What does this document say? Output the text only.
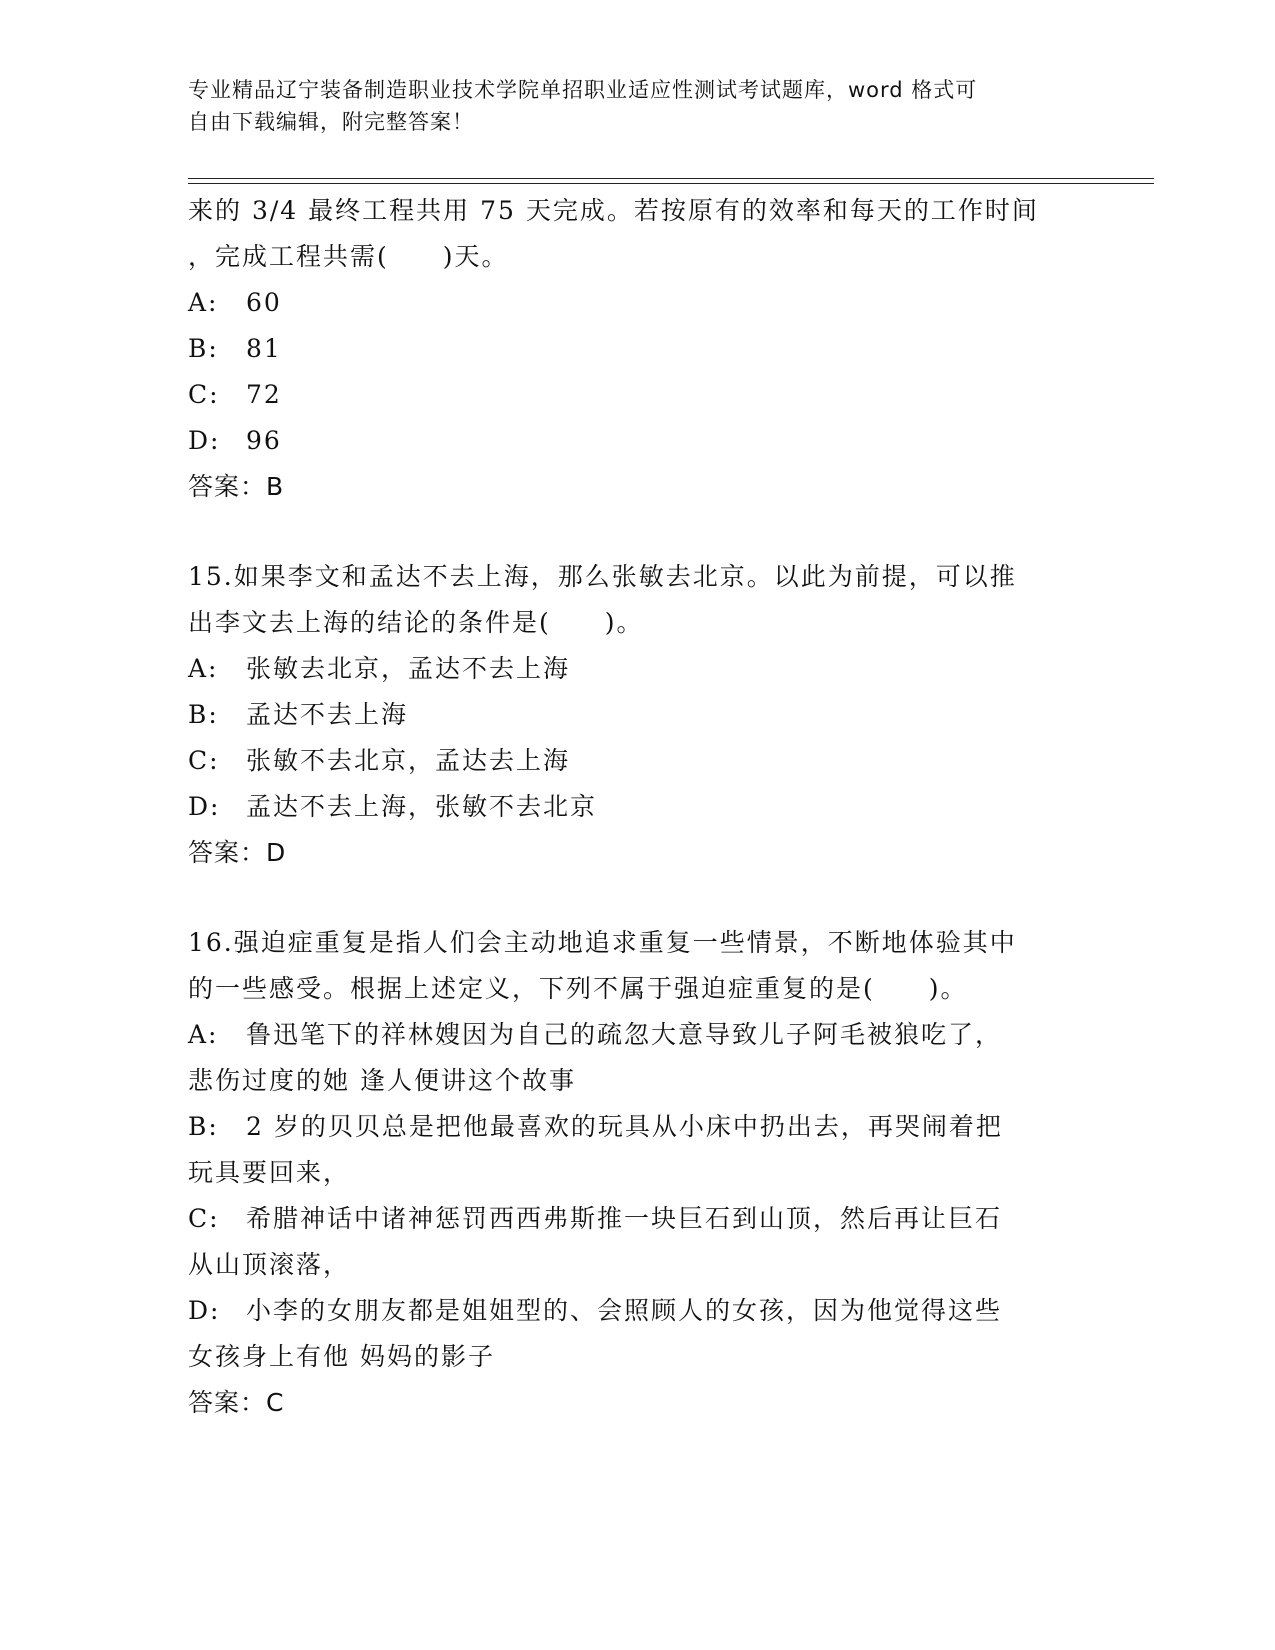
专业精品辽宁装备制造职业技术学院单招职业适应性测试考试题库，word 格式可
自由下载编辑，附完整答案！
来的 3/4 最终工程共用 75 天完成。若按原有的效率和每天的工作时间
，完成工程共需(　　)天。
A: 60
B: 81
C: 72
D: 96
答案：B
15.如果李文和孟达不去上海，那么张敏去北京。以此为前提，可以推
出李文去上海的结论的条件是(　　)。
A: 张敏去北京，孟达不去上海
B: 孟达不去上海
C: 张敏不去北京，孟达去上海
D: 孟达不去上海，张敏不去北京
答案：D
16.强迫症重复是指人们会主动地追求重复一些情景，不断地体验其中
的一些感受。根据上述定义，下列不属于强迫症重复的是(　　)。
A: 鲁迅笔下的祥林嫂因为自己的疏忽大意导致儿子阿毛被狼吃了，
悲伤过度的她 逢人便讲这个故事
B: 2 岁的贝贝总是把他最喜欢的玩具从小床中扔出去，再哭闹着把
玩具要回来，
C: 希腊神话中诸神惩罚西西弗斯推一块巨石到山顶，然后再让巨石
从山顶滚落，
D: 小李的女朋友都是姐姐型的、会照顾人的女孩，因为他觉得这些
女孩身上有他 妈妈的影子
答案：C
